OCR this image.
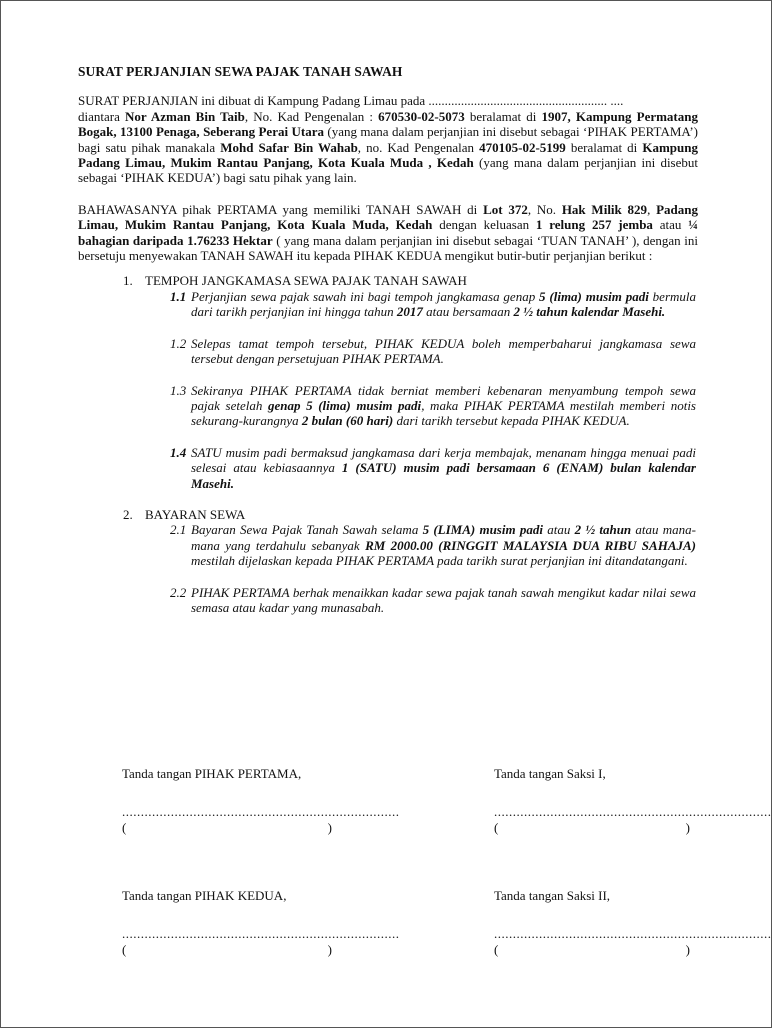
SURAT PERJANJIAN SEWA PAJAK TANAH SAWAH

SURAT PERJANJIAN ini dibuat di Kampung Padang Limau pada ....................................................... ....
diantara Nor Azman Bin Taib, No. Kad Pengenalan : 670530-02-5073 beralamat di 1907, Kampung Permatang Bogak, 13100 Penaga, Seberang Perai Utara (yang mana dalam perjanjian ini disebut sebagai ‘PIHAK PERTAMA’) bagi satu pihak manakala Mohd Safar Bin Wahab, no. Kad Pengenalan 470105-02-5199 beralamat di Kampung Padang Limau, Mukim Rantau Panjang, Kota Kuala Muda , Kedah (yang mana dalam perjanjian ini disebut sebagai ‘PIHAK KEDUA’) bagi satu pihak yang lain.

BAHAWASANYA pihak PERTAMA yang memiliki TANAH SAWAH di Lot 372, No. Hak Milik 829, Padang Limau, Mukim Rantau Panjang, Kota Kuala Muda, Kedah dengan keluasan 1 relung 257 jemba atau ¼ bahagian daripada 1.76233 Hektar ( yang mana dalam perjanjian ini disebut sebagai ‘TUAN TANAH’ ), dengan ini bersetuju menyewakan TANAH SAWAH itu kepada PIHAK KEDUA mengikut butir-butir perjanjian berikut :

1. TEMPOH JANGKAMASA SEWA PAJAK TANAH SAWAH
1.1 Perjanjian sewa pajak sawah ini bagi tempoh jangkamasa genap 5 (lima) musim padi bermula dari tarikh perjanjian ini hingga tahun 2017 atau bersamaan 2 ½ tahun kalendar Masehi.
1.2 Selepas tamat tempoh tersebut, PIHAK KEDUA boleh memperbaharui jangkamasa sewa tersebut dengan persetujuan PIHAK PERTAMA.
1.3 Sekiranya PIHAK PERTAMA tidak berniat memberi kebenaran menyambung tempoh sewa pajak setelah genap 5 (lima) musim padi, maka PIHAK PERTAMA mestilah memberi notis sekurang-kurangnya 2 bulan (60 hari) dari tarikh tersebut kepada PIHAK KEDUA.
1.4 SATU musim padi bermaksud jangkamasa dari kerja membajak, menanam hingga menuai padi selesai atau kebiasaannya 1 (SATU) musim padi bersamaan 6 (ENAM) bulan kalendar Masehi.
2. BAYARAN SEWA
2.1 Bayaran Sewa Pajak Tanah Sawah selama 5 (LIMA) musim padi atau 2 ½ tahun atau mana-mana yang terdahulu sebanyak RM 2000.00 (RINGGIT MALAYSIA DUA RIBU SAHAJA) mestilah dijelaskan kepada PIHAK PERTAMA pada tarikh surat perjanjian ini ditandatangani.
2.2 PIHAK PERTAMA berhak menaikkan kadar sewa pajak tanah sawah mengikut kadar nilai sewa semasa atau kadar yang munasabah.
Tanda tangan PIHAK PERTAMA,
..........................................................................
(	)
Tanda tangan Saksi I,
..........................................................................
(	)
Tanda tangan PIHAK KEDUA,
..........................................................................
(	)
Tanda tangan Saksi II,
..........................................................................
(	)
